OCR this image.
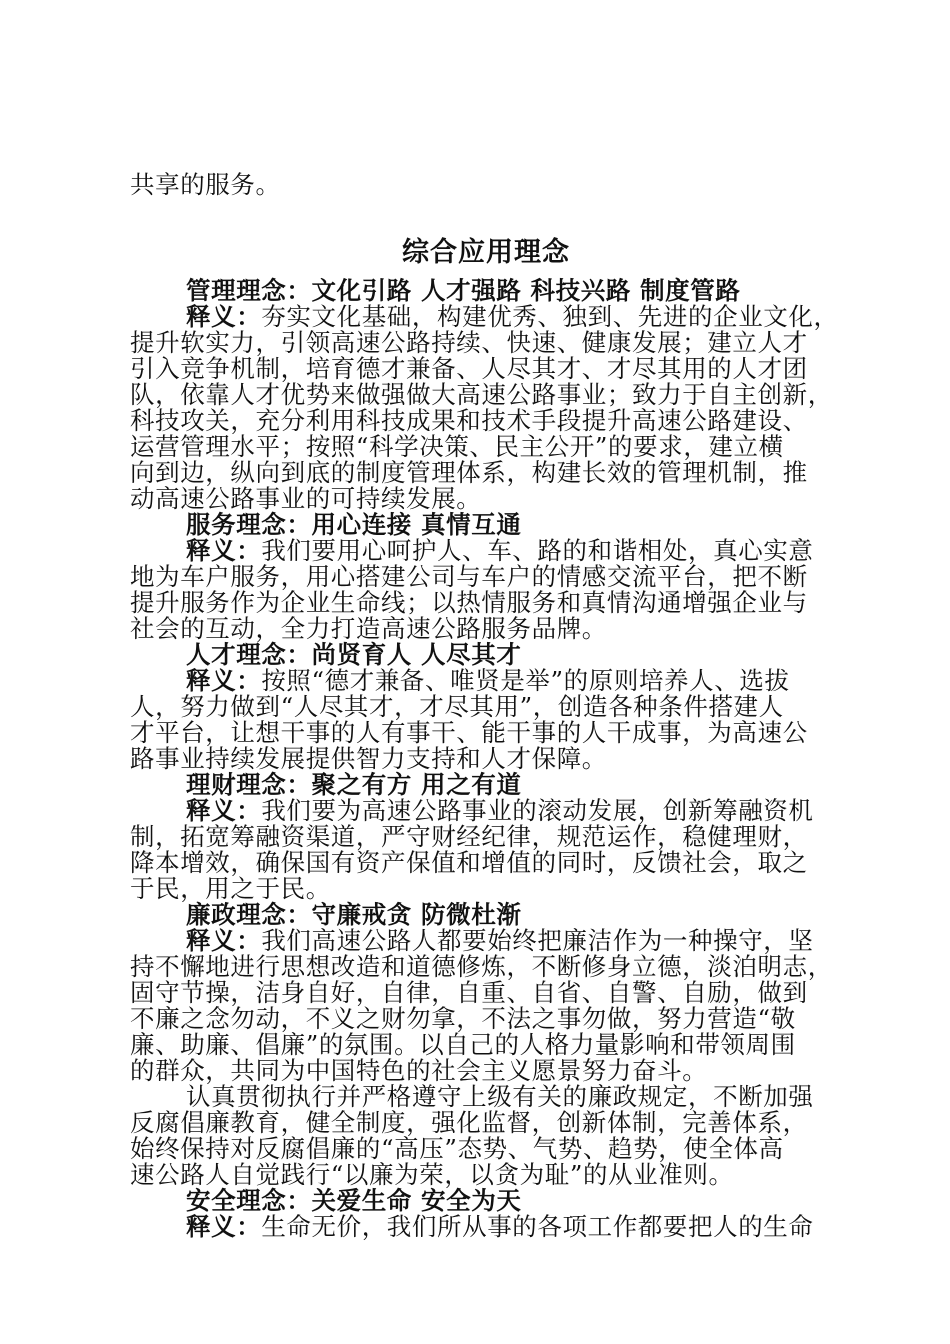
共享的服务。
综合应用理念
管理理念：文化引路 人才强路 科技兴路 制度管路
释义：夯实文化基础，构建优秀、独到、先进的企业文化，
提升软实力，引领高速公路持续、快速、健康发展；建立人才
引入竞争机制，培育德才兼备、人尽其才、才尽其用的人才团
队，依靠人才优势来做强做大高速公路事业；致力于自主创新，
科技攻关，充分利用科技成果和技术手段提升高速公路建设、
运营管理水平；按照“科学决策、民主公开”的要求，建立横
向到边，纵向到底的制度管理体系，构建长效的管理机制，推
动高速公路事业的可持续发展。
服务理念：用心连接 真情互通
释义：我们要用心呵护人、车、路的和谐相处，真心实意
地为车户服务，用心搭建公司与车户的情感交流平台，把不断
提升服务作为企业生命线；以热情服务和真情沟通增强企业与
社会的互动，全力打造高速公路服务品牌。
人才理念：尚贤育人 人尽其才
释义：按照“德才兼备、唯贤是举”的原则培养人、选拔
人，努力做到“人尽其才，才尽其用”，创造各种条件搭建人
才平台，让想干事的人有事干、能干事的人干成事，为高速公
路事业持续发展提供智力支持和人才保障。
理财理念：聚之有方 用之有道
释义：我们要为高速公路事业的滚动发展，创新筹融资机
制，拓宽筹融资渠道，严守财经纪律，规范运作，稳健理财，
降本增效，确保国有资产保值和增值的同时，反馈社会，取之
于民，用之于民。
廉政理念：守廉戒贪 防微杜渐
释义：我们高速公路人都要始终把廉洁作为一种操守，坚
持不懈地进行思想改造和道德修炼，不断修身立德，淡泊明志，
固守节操，洁身自好，自律，自重、自省、自警、自励，做到
不廉之念勿动，不义之财勿拿，不法之事勿做，努力营造“敬
廉、助廉、倡廉”的氛围。以自己的人格力量影响和带领周围
的群众，共同为中国特色的社会主义愿景努力奋斗。
认真贯彻执行并严格遵守上级有关的廉政规定，不断加强
反腐倡廉教育，健全制度，强化监督，创新体制，完善体系，
始终保持对反腐倡廉的“高压”态势、气势、趋势，使全体高
速公路人自觉践行“以廉为荣，以贪为耻”的从业准则。
安全理念：关爱生命 安全为天
释义：生命无价，我们所从事的各项工作都要把人的生命
